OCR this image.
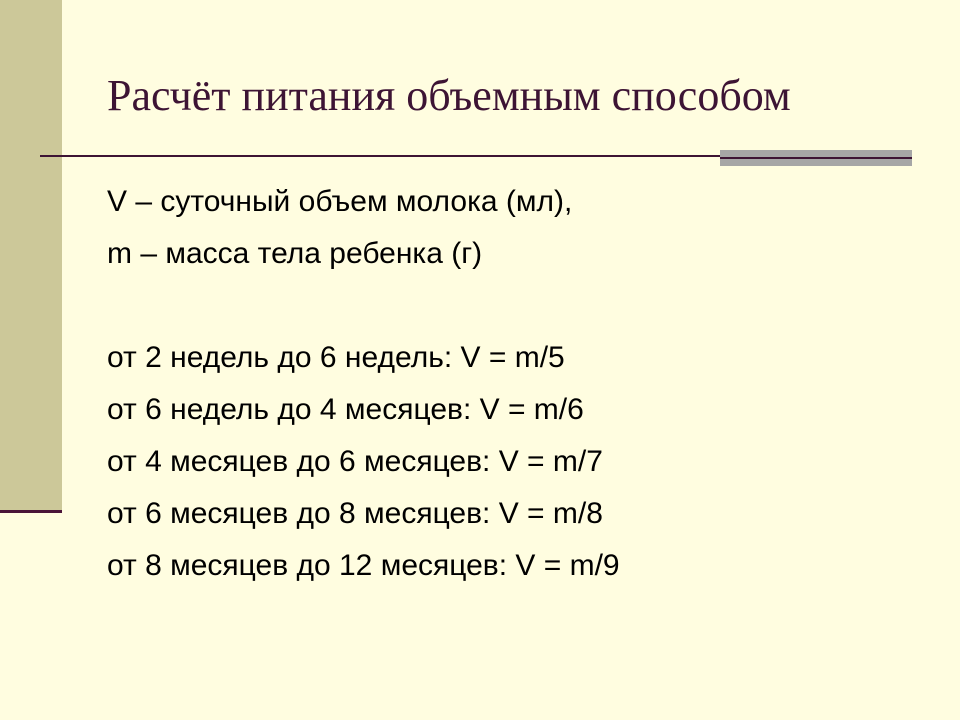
Расчёт питания объемным способом
V – суточный объем молока (мл),
m – масса тела ребенка (г)
от 2 недель до 6 недель: V = m/5
от 6 недель до 4 месяцев: V = m/6
от 4 месяцев до 6 месяцев: V = m/7
от 6 месяцев до 8 месяцев: V = m/8
от 8 месяцев до 12 месяцев: V = m/9
